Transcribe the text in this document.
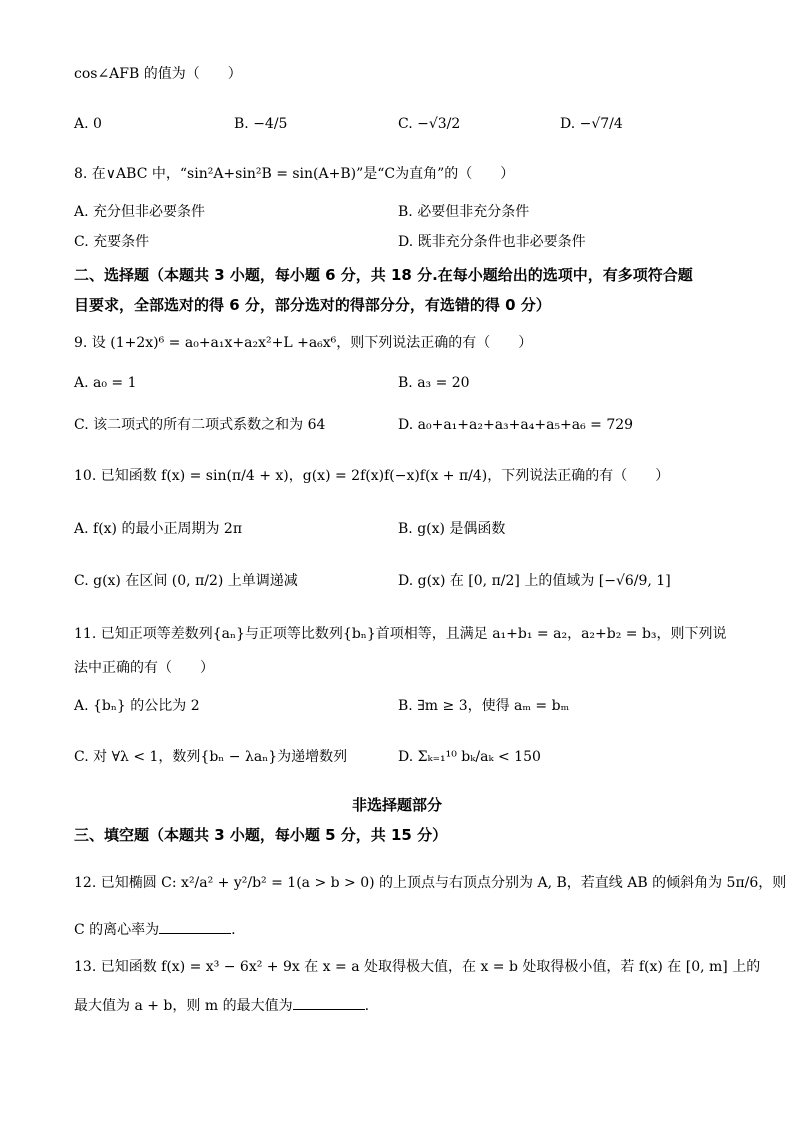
cos∠AFB 的值为（　　）
A. 0	B. −4/5	C. −√3/2	D. −√7/4
8. 在∨ABC 中，“sin²A+sin²B = sin(A+B)”是“C为直角”的（　　）
A. 充分但非必要条件	B. 必要但非充分条件
C. 充要条件	D. 既非充分条件也非必要条件
二、选择题（本题共 3 小题，每小题 6 分，共 18 分.在每小题给出的选项中，有多项符合题
目要求，全部选对的得 6 分，部分选对的得部分分，有选错的得 0 分）
9. 设 (1+2x)⁶ = a₀+a₁x+a₂x²+L +a₆x⁶，则下列说法正确的有（　　）
A. a₀ = 1	B. a₃ = 20
C. 该二项式的所有二项式系数之和为 64	D. a₀+a₁+a₂+a₃+a₄+a₅+a₆ = 729
10. 已知函数 f(x) = sin(π/4 + x)，g(x) = 2f(x)f(−x)f(x + π/4)，下列说法正确的有（　　）
A. f(x) 的最小正周期为 2π	B. g(x) 是偶函数
C. g(x) 在区间 (0, π/2) 上单调递减	D. g(x) 在 [0, π/2] 上的值域为 [−√6/9, 1]
11. 已知正项等差数列{aₙ}与正项等比数列{bₙ}首项相等，且满足 a₁+b₁ = a₂，a₂+b₂ = b₃，则下列说
法中正确的有（　　）
A. {bₙ} 的公比为 2	B. ∃m ≥ 3，使得 aₘ = bₘ
C. 对 ∀λ < 1，数列{bₙ − λaₙ}为递增数列	D. Σₖ₌₁¹⁰ bₖ/aₖ < 150
非选择题部分
三、填空题（本题共 3 小题，每小题 5 分，共 15 分）
12. 已知椭圆 C: x²/a² + y²/b² = 1(a > b > 0) 的上顶点与右顶点分别为 A, B，若直线 AB 的倾斜角为 5π/6，则
C 的离心率为	.
13. 已知函数 f(x) = x³ − 6x² + 9x 在 x = a 处取得极大值，在 x = b 处取得极小值，若 f(x) 在 [0, m] 上的
最大值为 a + b，则 m 的最大值为	.
